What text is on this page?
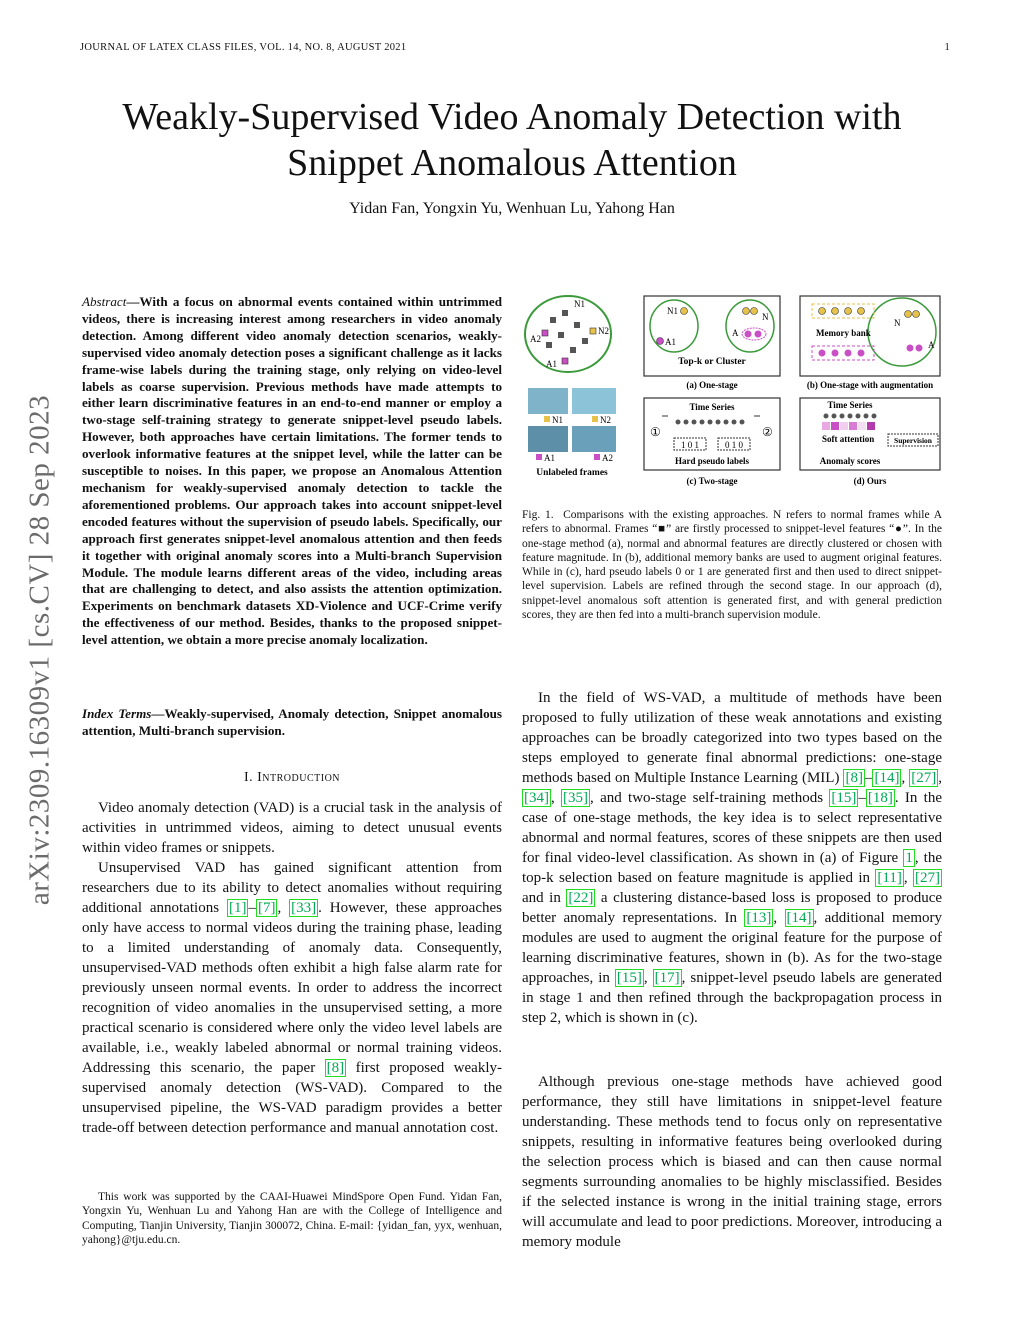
JOURNAL OF LATEX CLASS FILES, VOL. 14, NO. 8, AUGUST 2021	1
Weakly-Supervised Video Anomaly Detection with Snippet Anomalous Attention
Yidan Fan, Yongxin Yu, Wenhuan Lu, Yahong Han
arXiv:2309.16309v1 [cs.CV] 28 Sep 2023
Abstract—With a focus on abnormal events contained within untrimmed videos, there is increasing interest among researchers in video anomaly detection. Among different video anomaly detection scenarios, weakly-supervised video anomaly detection poses a significant challenge as it lacks frame-wise labels during the training stage, only relying on video-level labels as coarse supervision. Previous methods have made attempts to either learn discriminative features in an end-to-end manner or employ a two-stage self-training strategy to generate snippet-level pseudo labels. However, both approaches have certain limitations. The former tends to overlook informative features at the snippet level, while the latter can be susceptible to noises. In this paper, we propose an Anomalous Attention mechanism for weakly-supervised anomaly detection to tackle the aforementioned problems. Our approach takes into account snippet-level encoded features without the supervision of pseudo labels. Specifically, our approach first generates snippet-level anomalous attention and then feeds it together with original anomaly scores into a Multi-branch Supervision Module. The module learns different areas of the video, including areas that are challenging to detect, and also assists the attention optimization. Experiments on benchmark datasets XD-Violence and UCF-Crime verify the effectiveness of our method. Besides, thanks to the proposed snippet-level attention, we obtain a more precise anomaly localization.
Index Terms—Weakly-supervised, Anomaly detection, Snippet anomalous attention, Multi-branch supervision.
I. Introduction

Video anomaly detection (VAD) is a crucial task in the analysis of activities in untrimmed videos, aiming to detect unusual events within video frames or snippets.

Unsupervised VAD has gained significant attention from researchers due to its ability to detect anomalies without requiring additional annotations [1] – [7] , [33] . However, these approaches only have access to normal videos during the training phase, leading to a limited understanding of anomaly data. Consequently, unsupervised-VAD methods often exhibit a high false alarm rate for previously unseen normal events. In order to address the incorrect recognition of video anomalies in the unsupervised setting, a more practical scenario is considered where only the video level labels are available, i.e., weakly labeled abnormal or normal training videos. Addressing this scenario, the paper [8] first proposed weakly-supervised anomaly detection (WS-VAD). Compared to the unsupervised pipeline, the WS-VAD paradigm provides a better trade-off between detection performance and manual annotation cost.

This work was supported by the CAAI-Huawei MindSpore Open Fund. Yidan Fan, Yongxin Yu, Wenhuan Lu and Yahong Han are with the College of Intelligence and Computing, Tianjin University, Tianjin 300072, China. E-mail: {yidan_fan, yyx, wenhuan, yahong}@tju.edu.cn.

N1
N2
A2
A1
N1	N2
A1	A2
Unlabeled frames
N1
A1
N
A
Top-k or Cluster
(a) One-stage
Memory bank
N
A
(b) One-stage with augmentation
Time Series
①	②
1 0 1	0 1 0
Hard pseudo labels
(c) Two-stage
Time Series
Soft attention	Supervision
Anomaly scores
(d) Ours
Fig. 1. Comparisons with the existing approaches. N refers to normal frames while A refers to abnormal. Frames “■” are firstly processed to snippet-level features “●”. In the one-stage method (a), normal and abnormal features are directly clustered or chosen with feature magnitude. In (b), additional memory banks are used to augment original features. While in (c), hard pseudo labels 0 or 1 are generated first and then used to direct snippet-level supervision. Labels are refined through the second stage. In our approach (d), snippet-level anomalous soft attention is generated first, and with general prediction scores, they are then fed into a multi-branch supervision module.

In the field of WS-VAD, a multitude of methods have been proposed to fully utilization of these weak annotations and existing approaches can be broadly categorized into two types based on the steps employed to generate final abnormal predictions: one-stage methods based on Multiple Instance Learning (MIL) [8] – [14] , [27] , [34] , [35] , and two-stage self-training methods [15] – [18] . In the case of one-stage methods, the key idea is to select representative abnormal and normal features, scores of these snippets are then used for final video-level classification. As shown in (a) of Figure 1 , the top-k selection based on feature magnitude is applied in [11] , [27] and in [22] a clustering distance-based loss is proposed to produce better anomaly representations. In [13] , [14] , additional memory modules are used to augment the original feature for the purpose of learning discriminative features, shown in (b). As for the two-stage approaches, in [15] , [17] , snippet-level pseudo labels are generated in stage 1 and then refined through the backpropagation process in step 2, which is shown in (c).

Although previous one-stage methods have achieved good performance, they still have limitations in snippet-level feature understanding. These methods tend to focus only on representative snippets, resulting in informative features being overlooked during the selection process which is biased and can then cause normal segments surrounding anomalies to be highly misclassified. Besides if the selected instance is wrong in the initial training stage, errors will accumulate and lead to poor predictions. Moreover, introducing a memory module
